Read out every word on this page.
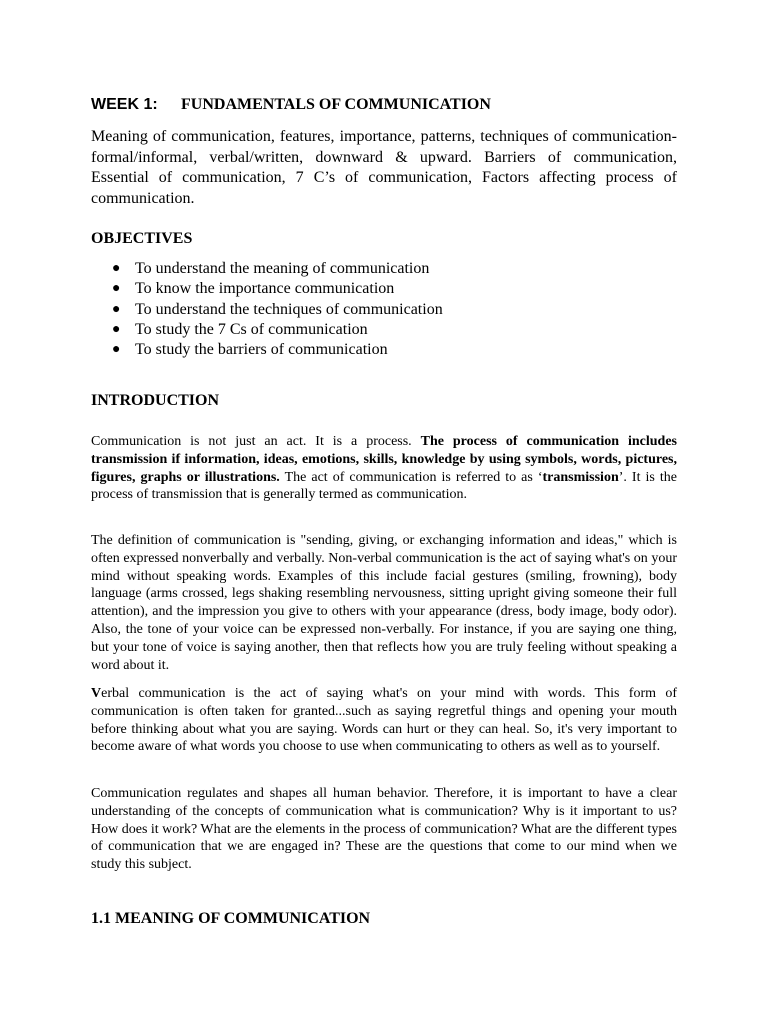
WEEK 1: FUNDAMENTALS OF COMMUNICATION
Meaning of communication, features, importance, patterns, techniques of communication- formal/informal, verbal/written, downward & upward. Barriers of communication, Essential of communication, 7 C’s of communication, Factors affecting process of communication.
OBJECTIVES
● To understand the meaning of communication
● To know the importance communication
● To understand the techniques of communication
● To study the 7 Cs of communication
● To study the barriers of communication
INTRODUCTION
Communication is not just an act. It is a process. The process of communication includes transmission if information, ideas, emotions, skills, knowledge by using symbols, words, pictures, figures, graphs or illustrations. The act of communication is referred to as ‘transmission’. It is the process of transmission that is generally termed as communication.
The definition of communication is "sending, giving, or exchanging information and ideas," which is often expressed nonverbally and verbally. Non-verbal communication is the act of saying what's on your mind without speaking words. Examples of this include facial gestures (smiling, frowning), body language (arms crossed, legs shaking resembling nervousness, sitting upright giving someone their full attention), and the impression you give to others with your appearance (dress, body image, body odor). Also, the tone of your voice can be expressed non-verbally. For instance, if you are saying one thing, but your tone of voice is saying another, then that reflects how you are truly feeling without speaking a word about it.
Verbal communication is the act of saying what's on your mind with words. This form of communication is often taken for granted...such as saying regretful things and opening your mouth before thinking about what you are saying. Words can hurt or they can heal. So, it's very important to become aware of what words you choose to use when communicating to others as well as to yourself.
Communication regulates and shapes all human behavior. Therefore, it is important to have a clear understanding of the concepts of communication what is communication? Why is it important to us? How does it work? What are the elements in the process of communication? What are the different types of communication that we are engaged in? These are the questions that come to our mind when we study this subject.
1.1 MEANING OF COMMUNICATION
